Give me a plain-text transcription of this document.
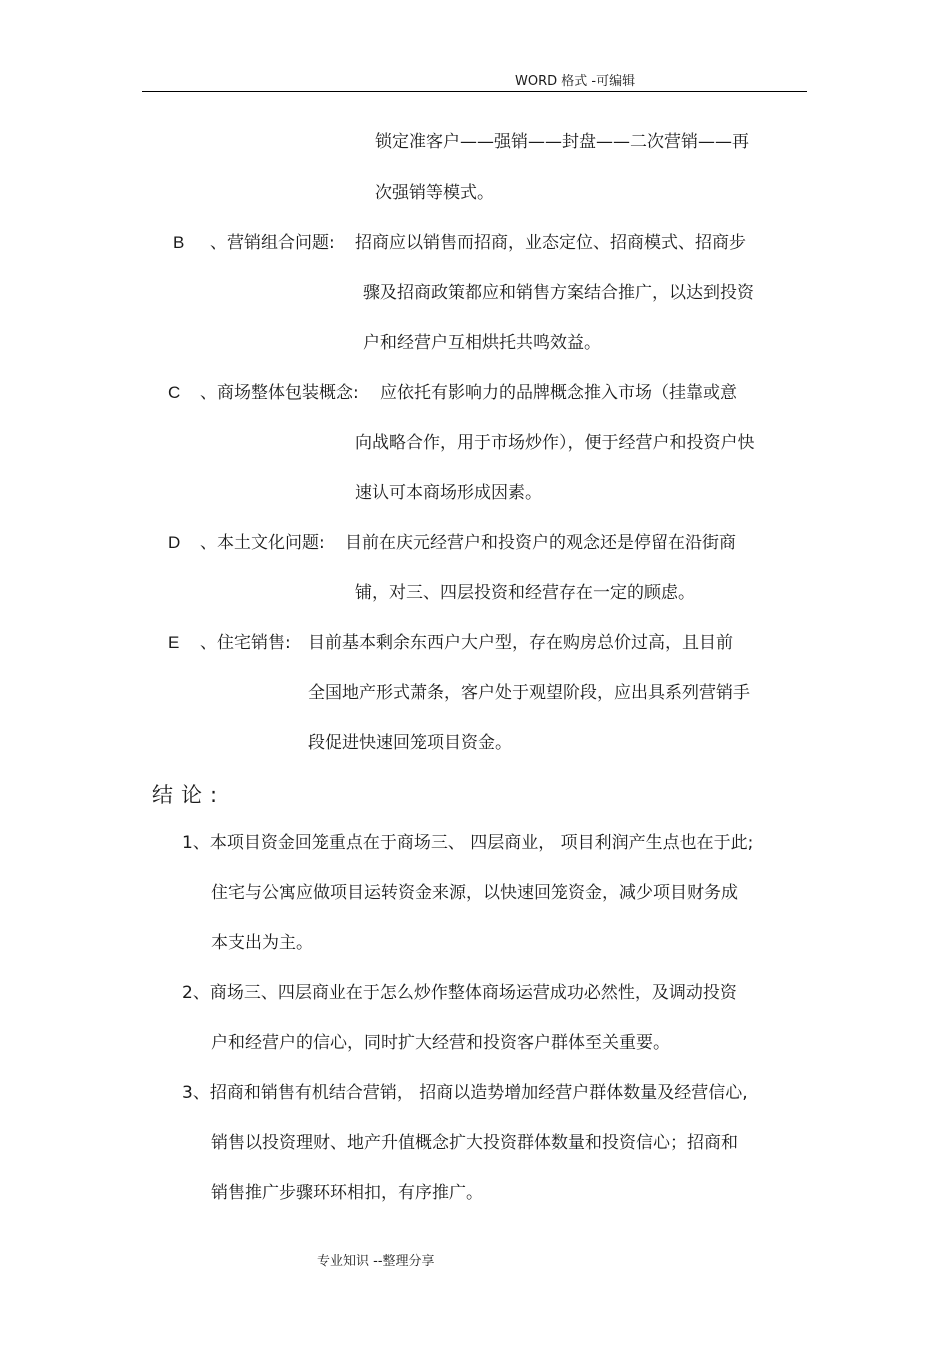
WORD 格式 -可编辑
锁定准客户——强销——封盘——二次营销——再
次强销等模式。
B 、营销组合问题: 招商应以销售而招商，业态定位、招商模式、招商步
骤及招商政策都应和销售方案结合推广，以达到投资
户和经营户互相烘托共鸣效益。
C 、商场整体包装概念: 应依托有影响力的品牌概念推入市场（挂靠或意
向战略合作，用于市场炒作），便于经营户和投资户快
速认可本商场形成因素。
D 、本土文化问题: 目前在庆元经营户和投资户的观念还是停留在沿街商
铺，对三、四层投资和经营存在一定的顾虑。
E 、住宅销售: 目前基本剩余东西户大户型，存在购房总价过高，且目前
全国地产形式萧条，客户处于观望阶段，应出具系列营销手
段促进快速回笼项目资金。
结论:
1、本项目资金回笼重点在于商场三、 四层商业， 项目利润产生点也在于此;
住宅与公寓应做项目运转资金来源，以快速回笼资金，减少项目财务成
本支出为主。
2、商场三、四层商业在于怎么炒作整体商场运营成功必然性，及调动投资
户和经营户的信心，同时扩大经营和投资客户群体至关重要。
3、招商和销售有机结合营销， 招商以造势增加经营户群体数量及经营信心,
销售以投资理财、地产升值概念扩大投资群体数量和投资信心；招商和
销售推广步骤环环相扣，有序推广。
专业知识 --整理分享
